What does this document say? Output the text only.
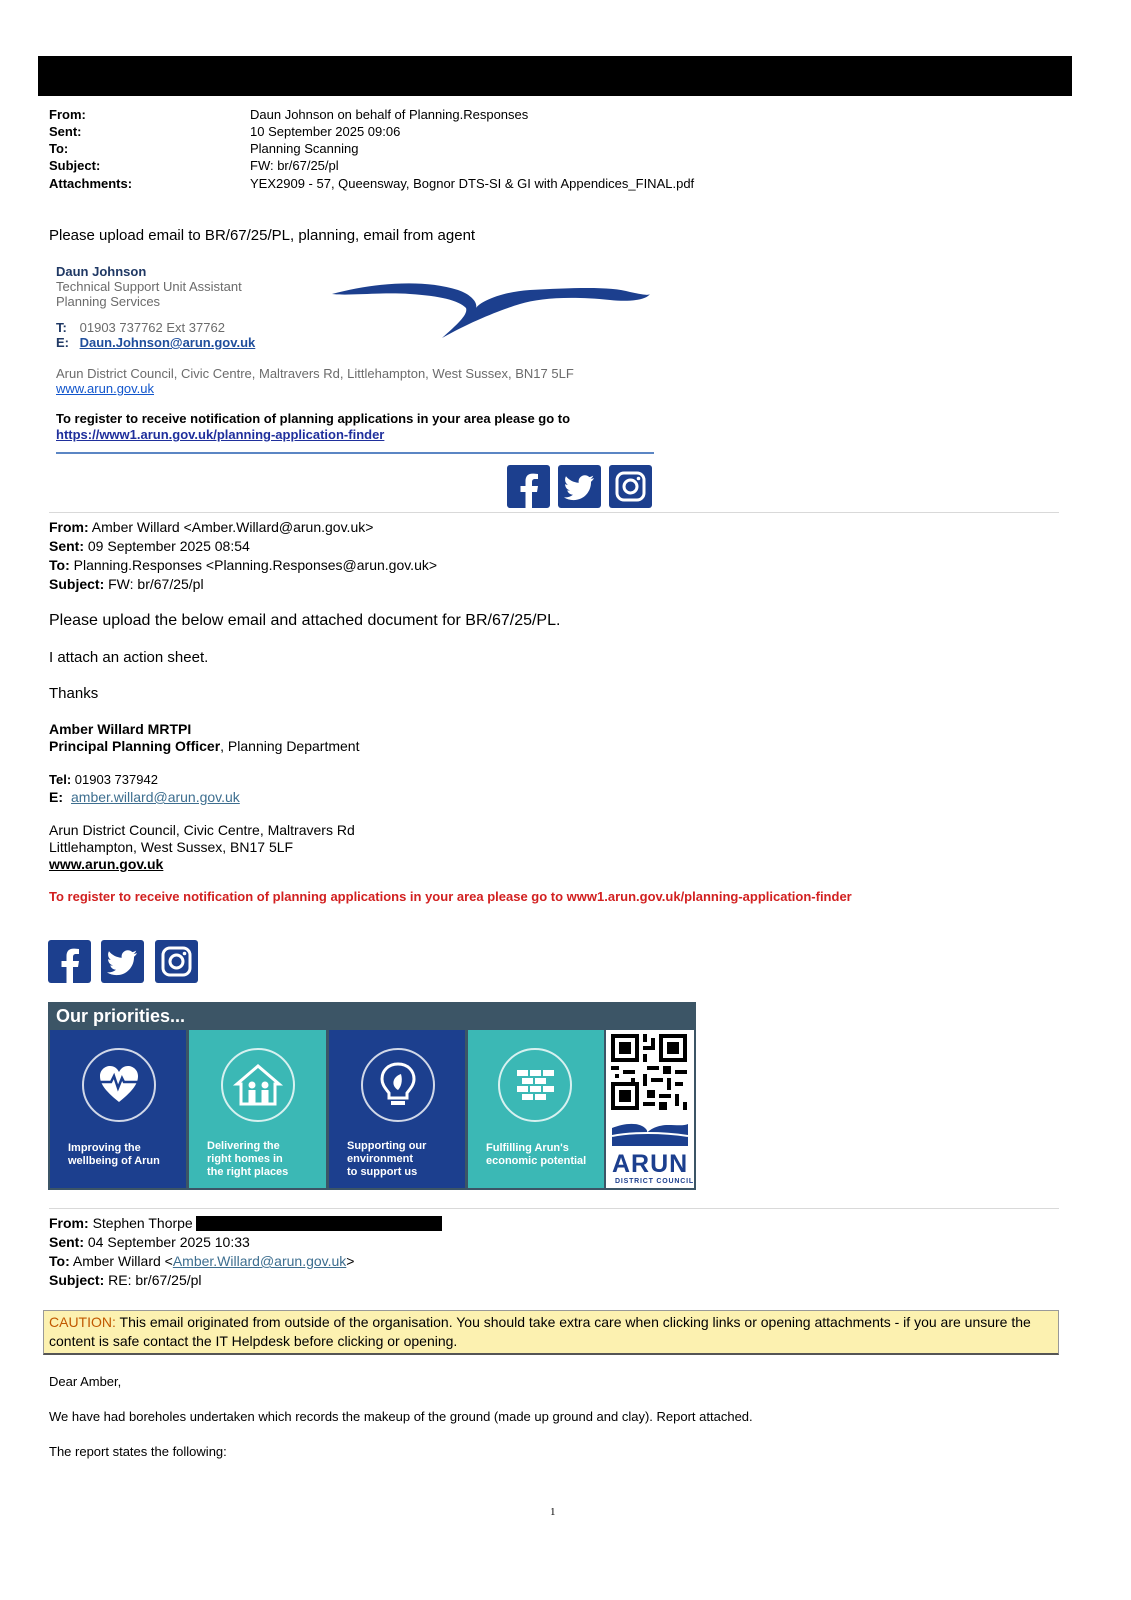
From:	Daun Johnson on behalf of Planning.Responses
Sent:	10 September 2025 09:06
To:	Planning Scanning
Subject:	FW: br/67/25/pl
Attachments:	YEX2909 - 57, Queensway, Bognor DTS-SI & GI with Appendices_FINAL.pdf
Please upload email to BR/67/25/PL, planning, email from agent
Daun Johnson
Technical Support Unit Assistant
Planning Services
T: 01903 737762 Ext 37762
E: Daun.Johnson@arun.gov.uk
Arun District Council, Civic Centre, Maltravers Rd, Littlehampton, West Sussex, BN17 5LF
www.arun.gov.uk
To register to receive notification of planning applications in your area please go to
https://www1.arun.gov.uk/planning-application-finder
From: Amber Willard <Amber.Willard@arun.gov.uk>
Sent: 09 September 2025 08:54
To: Planning.Responses <Planning.Responses@arun.gov.uk>
Subject: FW: br/67/25/pl
Please upload the below email and attached document for BR/67/25/PL.
I attach an action sheet.
Thanks
Amber Willard MRTPI
Principal Planning Officer, Planning Department
Tel: 01903 737942
E: amber.willard@arun.gov.uk
Arun District Council, Civic Centre, Maltravers Rd
Littlehampton, West Sussex, BN17 5LF
www.arun.gov.uk
To register to receive notification of planning applications in your area please go to www1.arun.gov.uk/planning-application-finder
Our priorities...
Improving the
wellbeing of Arun
Delivering the
right homes in
the right places
Supporting our
environment
to support us
Fulfilling Arun's
economic potential ARUN
DISTRICT COUNCIL
From: Stephen Thorpe
Sent: 04 September 2025 10:33
To: Amber Willard <Amber.Willard@arun.gov.uk>
Subject: RE: br/67/25/pl
CAUTION: This email originated from outside of the organisation. You should take extra care when clicking links or opening attachments - if you are unsure the content is safe contact the IT Helpdesk before clicking or opening.
Dear Amber,
We have had boreholes undertaken which records the makeup of the ground (made up ground and clay). Report attached.
The report states the following:
1
